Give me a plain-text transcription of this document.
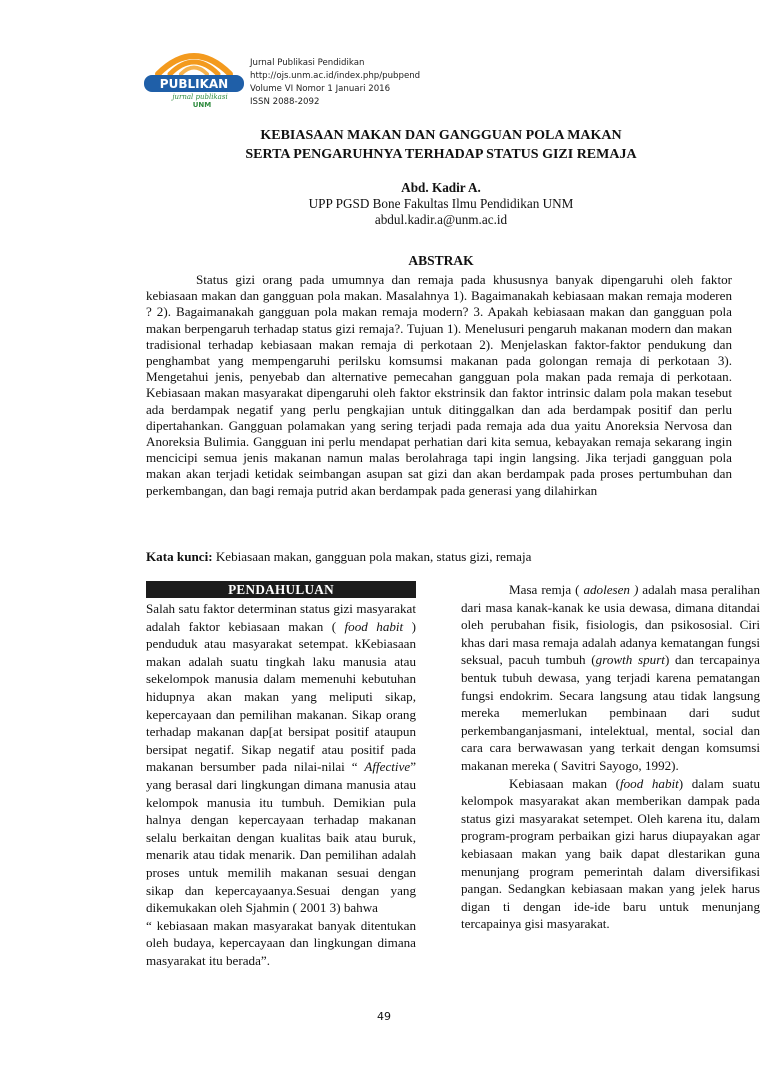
PUBLIKAN
jurnal publikasi
UNM
Jurnal Publikasi Pendidikan
http://ojs.unm.ac.id/index.php/pubpend
Volume VI Nomor 1 Januari 2016
ISSN 2088-2092
KEBIASAAN MAKAN DAN GANGGUAN POLA MAKAN
SERTA PENGARUHNYA TERHADAP STATUS GIZI REMAJA
Abd. Kadir A.
UPP PGSD Bone Fakultas Ilmu Pendidikan UNM
abdul.kadir.a@unm.ac.id
ABSTRAK

Status gizi orang pada umumnya dan remaja pada khususnya banyak dipengaruhi oleh faktor kebiasaan makan dan gangguan pola makan. Masalahnya 1). Bagaimanakah kebiasaan makan remaja moderen ? 2). Bagaimanakah gangguan pola makan remaja modern? 3. Apakah kebiasaan makan dan gangguan pola makan berpengaruh terhadap status gizi remaja?. Tujuan 1). Menelusuri pengaruh makanan modern dan makan tradisional terhadap kebiasaan makan remaja di perkotaan 2). Menjelaskan faktor-faktor pendukung dan penghambat yang mempengaruhi perilsku komsumsi makanan pada golongan remaja di perkotaan 3). Mengetahui jenis, penyebab dan alternative pemecahan gangguan pola makan pada remaja di perkotaan. Kebiasaan makan masyarakat dipengaruhi oleh faktor ekstrinsik dan faktor intrinsic dalam pola makan tesebut ada berdampak negatif yang perlu pengkajian untuk ditinggalkan dan ada berdampak positif dan perlu dipertahankan. Gangguan polamakan yang sering terjadi pada remaja ada dua yaitu Anoreksia Nervosa dan Anoreksia Bulimia. Gangguan ini perlu mendapat perhatian dari kita semua, kebayakan remaja sekarang ingin mencicipi semua jenis makanan namun malas berolahraga tapi ingin langsing. Jika terjadi gangguan pola makan akan terjadi ketidak seimbangan asupan sat gizi dan akan berdampak pada proses pertumbuhan dan perkembangan, dan bagi remaja putrid akan berdampak pada generasi yang dilahirkan

Kata kunci: Kebiasaan makan, gangguan pola makan, status gizi, remaja

PENDAHULUAN

Salah satu faktor determinan status gizi masyarakat adalah faktor kebiasaan makan ( food habit ) penduduk atau masyarakat setempat. kKebiasaan makan adalah suatu tingkah laku manusia atau sekelompok manusia dalam memenuhi kebutuhan hidupnya akan makan yang meliputi sikap, kepercayaan dan pemilihan makanan. Sikap orang terhadap makanan dap[at bersipat positif ataupun bersipat negatif. Sikap negatif atau positif pada makanan bersumber pada nilai-nilai “ Affective” yang berasal dari lingkungan dimana manusia atau kelompok manusia itu tumbuh. Demikian pula halnya dengan kepercayaan terhadap makanan selalu berkaitan dengan kualitas baik atau buruk, menarik atau tidak menarik. Dan pemilihan adalah proses untuk memilih makanan sesuai dengan sikap dan kepercayaanya.Sesuai dengan yang dikemukakan oleh Sjahmin ( 2001 3) bahwa

“ kebiasaan makan masyarakat banyak ditentukan oleh budaya, kepercayaan dan lingkungan dimana masyarakat itu berada”.

Masa remja ( adolesen ) adalah masa peralihan dari masa kanak-kanak ke usia dewasa, dimana ditandai oleh perubahan fisik, fisiologis, dan psikososial. Ciri khas dari masa remaja adalah adanya kematangan fungsi seksual, pacuh tumbuh (growth spurt) dan tercapainya bentuk tubuh dewasa, yang terjadi karena pematangan fungsi endokrim. Secara langsung atau tidak langsung mereka memerlukan pembinaan dari sudut perkembanganjasmani, intelektual, mental, social dan cara cara berwawasan yang terkait dengan komsumsi makanan mereka ( Savitri Sayogo, 1992).

Kebiasaan makan (food habit) dalam suatu kelompok masyarakat akan memberikan dampak pada status gizi masyarakat setempet. Oleh karena itu, dalam program-program perbaikan gizi harus diupayakan agar kebiasaan makan yang baik dapat dlestarikan guna menunjang program pemerintah dalam diversifikasi pangan. Sedangkan kebiasaan makan yang jelek harus digan ti dengan ide-ide baru untuk menunjang tercapainya gisi masyarakat.

49
